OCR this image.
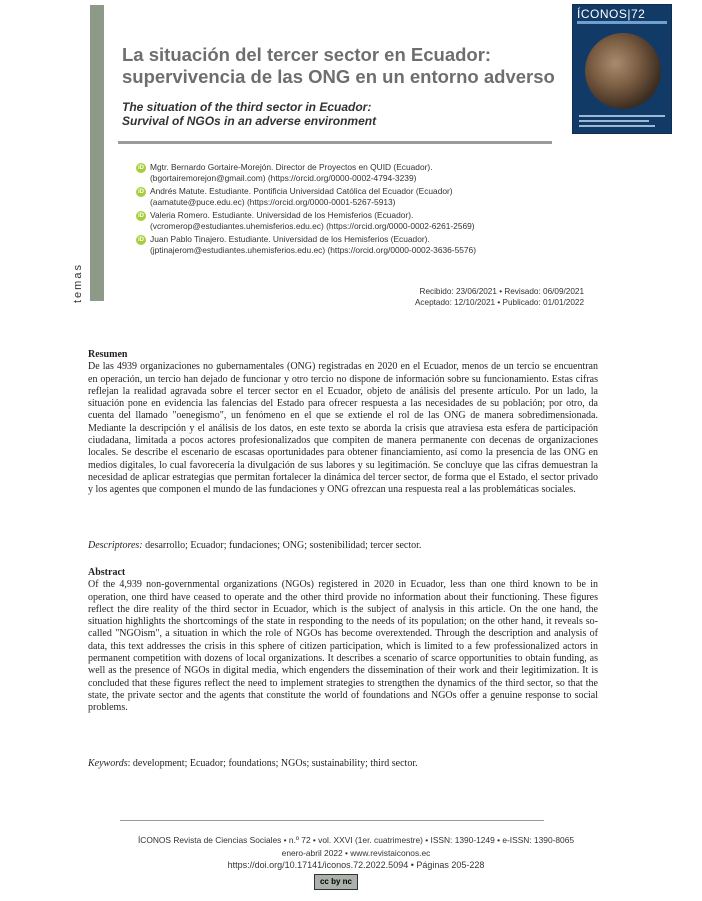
temas
La situación del tercer sector en Ecuador: supervivencia de las ONG en un entorno adverso
The situation of the third sector in Ecuador:
Survival of NGOs in an adverse environment
ÍCONOS|72
iD Mgtr. Bernardo Gortaire-Morejón. Director de Proyectos en QUID (Ecuador).
(bgortairemorejon@gmail.com) (https://orcid.org/0000-0002-4794-3239)
iD Andrés Matute. Estudiante. Pontificia Universidad Católica del Ecuador (Ecuador)
(aamatute@puce.edu.ec) (https://orcid.org/0000-0001-5267-5913)
iD Valeria Romero. Estudiante. Universidad de los Hemisferios (Ecuador).
(vcromerop@estudiantes.uhemisferios.edu.ec) (https://orcid.org/0000-0002-6261-2569)
iD Juan Pablo Tinajero. Estudiante. Universidad de los Hemisferios (Ecuador).
(jptinajerom@estudiantes.uhemisferios.edu.ec) (https://orcid.org/0000-0002-3636-5576)
Recibido: 23/06/2021 • Revisado: 06/09/2021
Aceptado: 12/10/2021 • Publicado: 01/01/2022
Resumen
De las 4939 organizaciones no gubernamentales (ONG) registradas en 2020 en el Ecuador, menos de un tercio se encuentran en operación, un tercio han dejado de funcionar y otro tercio no dispone de información sobre su funcionamiento. Estas cifras reflejan la realidad agravada sobre el tercer sector en el Ecuador, objeto de análisis del presente artículo. Por un lado, la situación pone en evidencia las falencias del Estado para ofrecer respuesta a las necesidades de su población; por otro, da cuenta del llamado "oenegismo", un fenómeno en el que se extiende el rol de las ONG de manera sobredimensionada. Mediante la descripción y el análisis de los datos, en este texto se aborda la crisis que atraviesa esta esfera de participación ciudadana, limitada a pocos actores profesionalizados que compiten de manera permanente con decenas de organizaciones locales. Se describe el escenario de escasas oportunidades para obtener financiamiento, así como la presencia de las ONG en medios digitales, lo cual favorecería la divulgación de sus labores y su legitimación. Se concluye que las cifras demuestran la necesidad de aplicar estrategias que permitan fortalecer la dinámica del tercer sector, de forma que el Estado, el sector privado y los agentes que componen el mundo de las fundaciones y ONG ofrezcan una respuesta real a las problemáticas sociales.
Descriptores: desarrollo; Ecuador; fundaciones; ONG; sostenibilidad; tercer sector.
Abstract
Of the 4,939 non-governmental organizations (NGOs) registered in 2020 in Ecuador, less than one third known to be in operation, one third have ceased to operate and the other third provide no information about their functioning. These figures reflect the dire reality of the third sector in Ecuador, which is the subject of analysis in this article. On the one hand, the situation highlights the shortcomings of the state in responding to the needs of its population; on the other hand, it reveals so-called "NGOism", a situation in which the role of NGOs has become overextended. Through the description and analysis of data, this text addresses the crisis in this sphere of citizen participation, which is limited to a few professionalized actors in permanent competition with dozens of local organizations. It describes a scenario of scarce opportunities to obtain funding, as well as the presence of NGOs in digital media, which engenders the dissemination of their work and their legitimization. It is concluded that these figures reflect the need to implement strategies to strengthen the dynamics of the third sector, so that the state, the private sector and the agents that constitute the world of foundations and NGOs offer a genuine response to social problems.
Keywords: development; Ecuador; foundations; NGOs; sustainability; third sector.
ÍCONOS Revista de Ciencias Sociales • n.º 72 • vol. XXVI (1er. cuatrimestre) • ISSN: 1390-1249 • e-ISSN: 1390-8065
enero-abril 2022 • www.revistaiconos.ec
https://doi.org/10.17141/iconos.72.2022.5094 • Páginas 205-228
cc by nc
